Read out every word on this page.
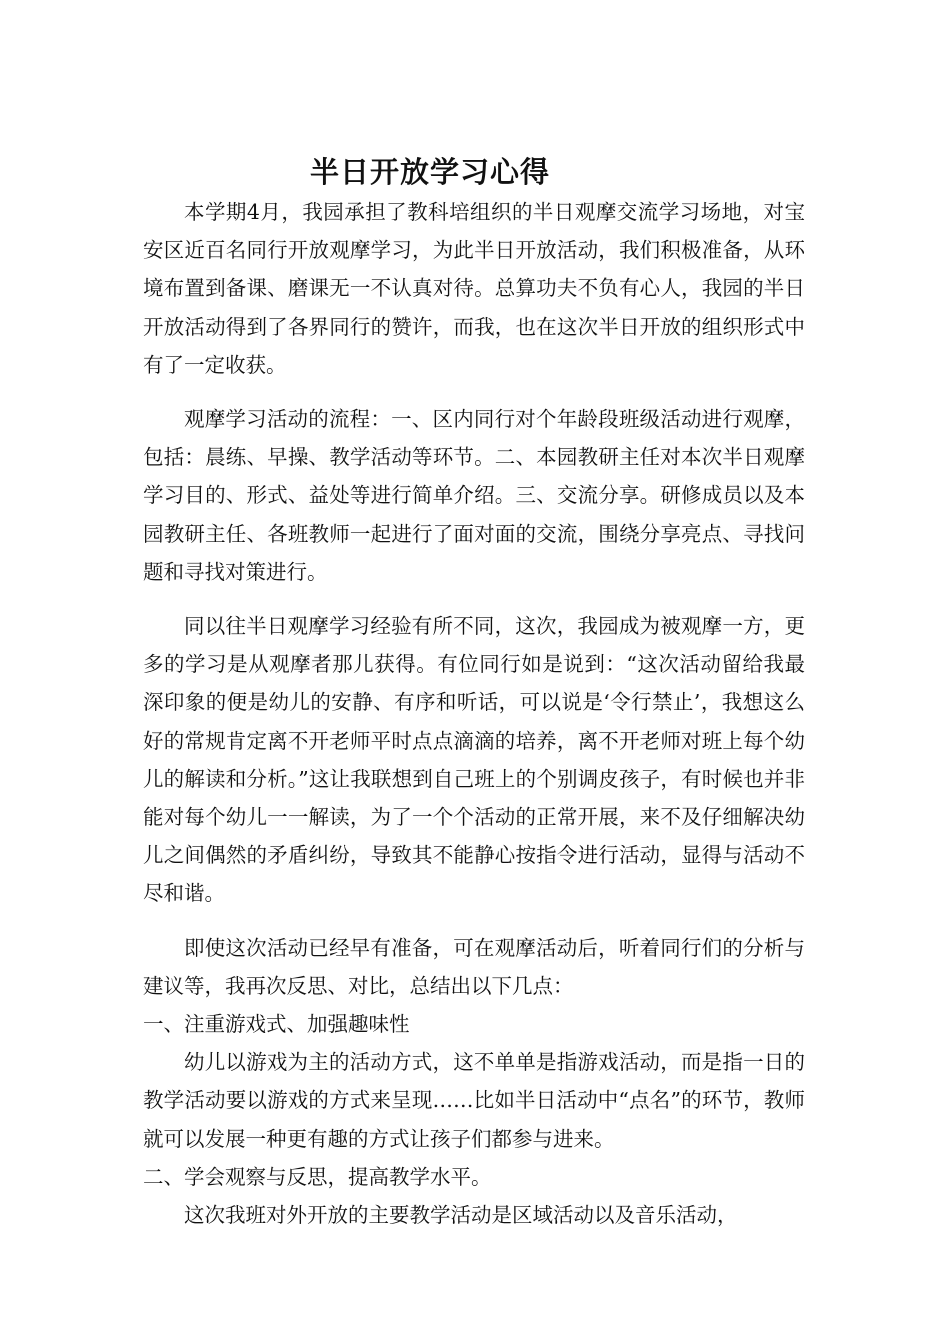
半日开放学习心得

本学期4月，我园承担了教科培组织的半日观摩交流学习场地，对宝安区近百名同行开放观摩学习，为此半日开放活动，我们积极准备，从环境布置到备课、磨课无一不认真对待。总算功夫不负有心人，我园的半日开放活动得到了各界同行的赞许，而我，也在这次半日开放的组织形式中有了一定收获。

观摩学习活动的流程：一、区内同行对个年龄段班级活动进行观摩，包括：晨练、早操、教学活动等环节。二、本园教研主任对本次半日观摩学习目的、形式、益处等进行简单介绍。三、交流分享。研修成员以及本园教研主任、各班教师一起进行了面对面的交流，围绕分享亮点、寻找问题和寻找对策进行。

同以往半日观摩学习经验有所不同，这次，我园成为被观摩一方，更多的学习是从观摩者那儿获得。有位同行如是说到：“这次活动留给我最深印象的便是幼儿的安静、有序和听话，可以说是‘令行禁止’，我想这么好的常规肯定离不开老师平时点点滴滴的培养，离不开老师对班上每个幼儿的解读和分析。”这让我联想到自己班上的个别调皮孩子，有时候也并非能对每个幼儿一一解读，为了一个个活动的正常开展，来不及仔细解决幼儿之间偶然的矛盾纠纷，导致其不能静心按指令进行活动，显得与活动不尽和谐。

即使这次活动已经早有准备，可在观摩活动后，听着同行们的分析与建议等，我再次反思、对比，总结出以下几点：

一、注重游戏式、加强趣味性

幼儿以游戏为主的活动方式，这不单单是指游戏活动，而是指一日的教学活动要以游戏的方式来呈现……比如半日活动中“点名”的环节，教师就可以发展一种更有趣的方式让孩子们都参与进来。

二、学会观察与反思，提高教学水平。

这次我班对外开放的主要教学活动是区域活动以及音乐活动，
